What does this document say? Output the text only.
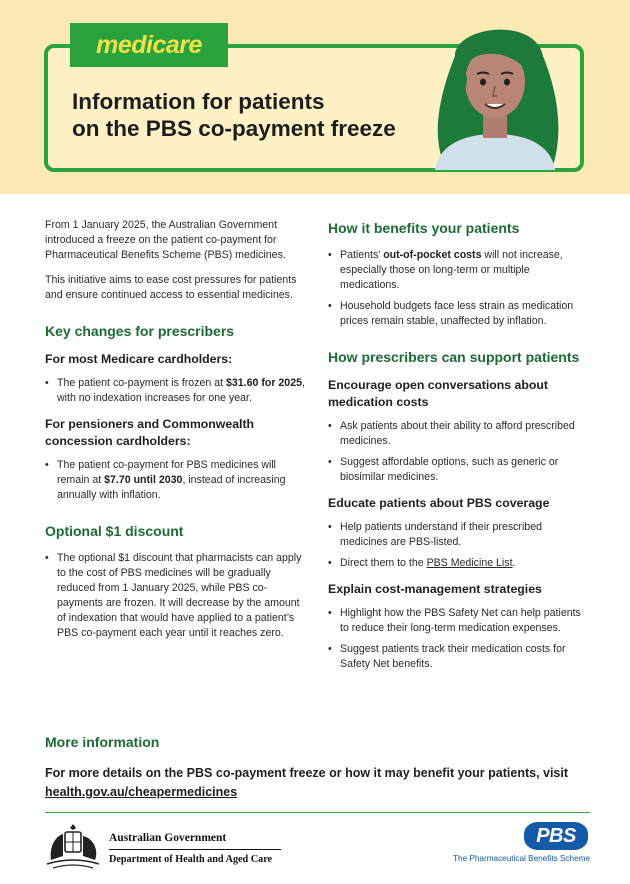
medicare
Information for patients
on the PBS co-payment freeze

From 1 January 2025, the Australian Government introduced a freeze on the patient co-payment for Pharmaceutical Benefits Scheme (PBS) medicines.

This initiative aims to ease cost pressures for patients and ensure continued access to essential medicines.

Key changes for prescribers
For most Medicare cardholders:
• The patient co-payment is frozen at $31.60 for 2025, with no indexation increases for one year.
For pensioners and Commonwealth concession cardholders:
• The patient co-payment for PBS medicines will remain at $7.70 until 2030, instead of increasing annually with inflation.
Optional $1 discount
• The optional $1 discount that pharmacists can apply to the cost of PBS medicines will be gradually reduced from 1 January 2025, while PBS co-payments are frozen. It will decrease by the amount of indexation that would have applied to a patient’s PBS co-payment each year until it reaches zero.
How it benefits your patients
• Patients’ out-of-pocket costs will not increase, especially those on long-term or multiple medications.
• Household budgets face less strain as medication prices remain stable, unaffected by inflation.
How prescribers can support patients
Encourage open conversations about medication costs
• Ask patients about their ability to afford prescribed medicines.
• Suggest affordable options, such as generic or biosimilar medicines.
Educate patients about PBS coverage
• Help patients understand if their prescribed medicines are PBS-listed.
• Direct them to the PBS Medicine List.
Explain cost-management strategies
• Highlight how the PBS Safety Net can help patients to reduce their long-term medication expenses.
• Suggest patients track their medication costs for Safety Net benefits.
More information

For more details on the PBS co-payment freeze or how it may benefit your patients, visit health.gov.au/cheapermedicines

Australian Government
Department of Health and Aged Care
PBS
The Pharmaceutical Benefits Scheme
